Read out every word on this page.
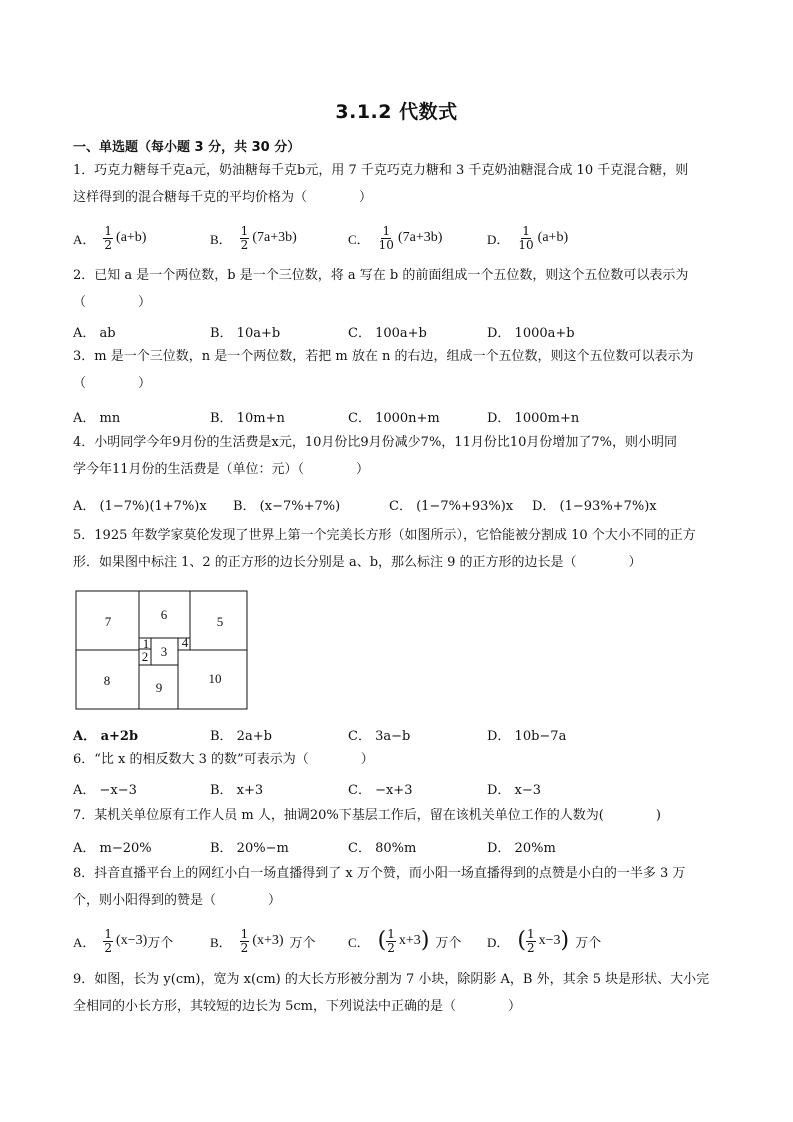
3.1.2 代数式
一、单选题（每小题 3 分，共 30 分）
1．巧克力糖每千克a元，奶油糖每千克b元，用 7 千克巧克力糖和 3 千克奶油糖混合成 10 千克混合糖，则
这样得到的混合糖每千克的平均价格为（　　　　）
A． $\frac{1}{2} (a+b)$	B． $\frac{1}{2} (7a+3b)$	C． $\frac{1}{10} (7a+3b)$	D． $\frac{1}{10} (a+b)$
2．已知 a 是一个两位数，b 是一个三位数，将 a 写在 b 的前面组成一个五位数，则这个五位数可以表示为
（　　　　）
A． ab	B． 10a+b	C． 100a+b	D． 1000a+b
3．m 是一个三位数，n 是一个两位数，若把 m 放在 n 的右边，组成一个五位数，则这个五位数可以表示为
（　　　　）
A． mn	B． 10m+n	C． 1000n+m	D． 1000m+n
4．小明同学今年9月份的生活费是x元，10月份比9月份减少7%，11月份比10月份增加了7%，则小明同
学今年11月份的生活费是（单位：元）（　　　　）
A． (1−7%)(1+7%)x B． (x−7%+7%)	C． (1−7%+93%)x D． (1−93%+7%)x
5．1925 年数学家莫伦发现了世界上第一个完美长方形（如图所示），它恰能被分割成 10 个大小不同的正方
形．如果图中标注 1、2 的正方形的边长分别是 a、b，那么标注 9 的正方形的边长是（　　　　）
7	6	5
1	4
2 3
8	9
10
A． a+2b	B． 2a+b	C． 3a−b	D． 10b−7a
6．“比 x 的相反数大 3 的数”可表示为（　　　　）
A． −x−3	B． x+3	C． −x+3	D． x−3
7．某机关单位原有工作人员 m 人，抽调20%下基层工作后，留在该机关单位工作的人数为(　　　　)
A． m−20%	B． 20%−m	C． 80%m	D． 20%m
8．抖音直播平台上的网红小白一场直播得到了 x 万个赞，而小阳一场直播得到的点赞是小白的一半多 3 万
个，则小阳得到的赞是（　　　　）
A． $\frac{1}{2} (x-3)$ 万个	B． $\frac{1}{2} (x+3)$ 万个 C． ( $\frac{1}{2} x+3$ ) 万个 D． ( $\frac{1}{2} x-3$ ) 万个
9．如图，长为 y(cm)，宽为 x(cm) 的大长方形被分割为 7 小块，除阴影 A，B 外，其余 5 块是形状、大小完
全相同的小长方形，其较短的边长为 5cm，下列说法中正确的是（　　　　）
